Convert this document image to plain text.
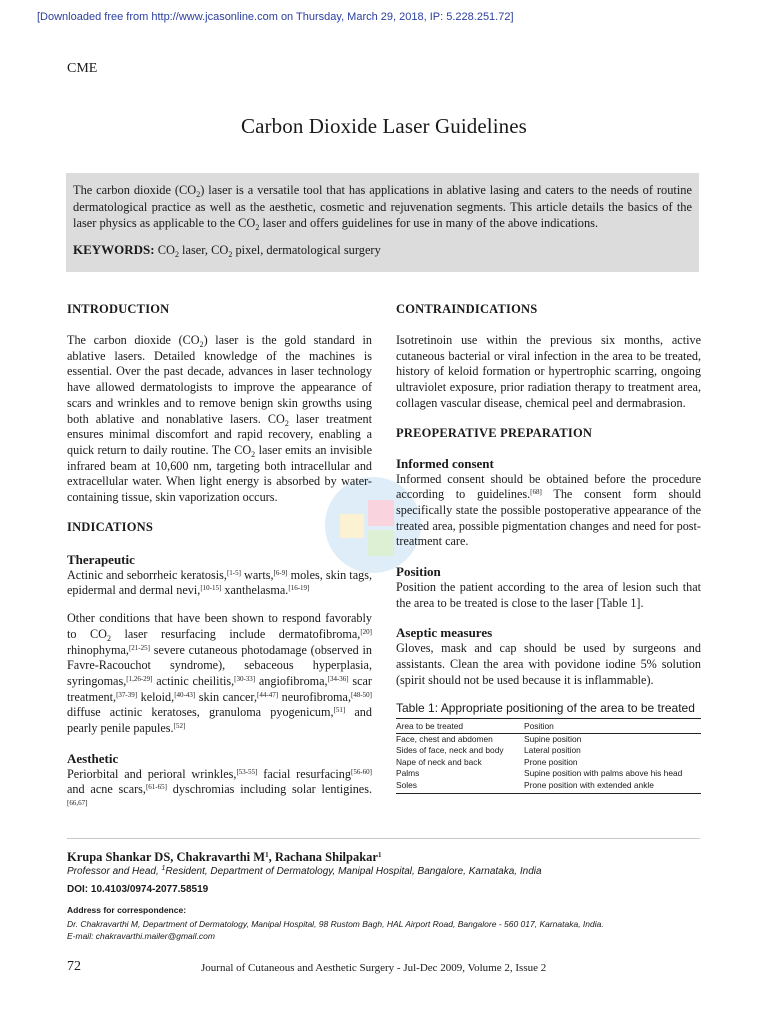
[Downloaded free from http://www.jcasonline.com on Thursday, March 29, 2018, IP: 5.228.251.72]
CME
Carbon Dioxide Laser Guidelines

The carbon dioxide $(CO_2)$ laser is a versatile tool that has applications in ablative lasing and caters to the needs of routine dermatological practice as well as the aesthetic, cosmetic and rejuvenation segments. This article details the basics of the laser physics as applicable to the $CO_2$ laser and offers guidelines for use in many of the above indications.

KEYWORDS: $CO_2$ laser, $CO_2$ pixel, dermatological surgery

INTRODUCTION

The carbon dioxide $(CO_2)$ laser is the gold standard in ablative lasers. Detailed knowledge of the machines is essential. Over the past decade, advances in laser technology have allowed dermatologists to improve the appearance of scars and wrinkles and to remove benign skin growths using both ablative and nonablative lasers. $CO_2$ laser treatment ensures minimal discomfort and rapid recovery, enabling a quick return to daily routine. The $CO_2$ laser emits an invisible infrared beam at 10,600 nm, targeting both intracellular and extracellular water. When light energy is absorbed by water-containing tissue, skin vaporization occurs.

INDICATIONS
Therapeutic

Actinic and seborrheic keratosis,[1-5] warts,[6-9] moles, skin tags, epidermal and dermal nevi,[10-15] xanthelasma.[16-19]

Other conditions that have been shown to respond favorably to $CO_2$ laser resurfacing include dermatofibroma,[20] rhinophyma,[21-25] severe cutaneous photodamage (observed in Favre-Racouchot syndrome), sebaceous hyperplasia, syringomas,[1,26-29] actinic cheilitis,[30-33] angiofibroma,[34-36] scar treatment,[37-39] keloid,[40-43] skin cancer,[44-47] neurofibroma,[48-50] diffuse actinic keratoses, granuloma pyogenicum,[51] and pearly penile papules.[52]

Aesthetic

Periorbital and perioral wrinkles,[53-55] facial resurfacing[56-60] and acne scars,[61-65] dyschromias including solar lentigines.[66,67]

CONTRAINDICATIONS

Isotretinoin use within the previous six months, active cutaneous bacterial or viral infection in the area to be treated, history of keloid formation or hypertrophic scarring, ongoing ultraviolet exposure, prior radiation therapy to treatment area, collagen vascular disease, chemical peel and dermabrasion.

PREOPERATIVE PREPARATION
Informed consent

Informed consent should be obtained before the procedure according to guidelines.[68] The consent form should specifically state the possible postoperative appearance of the treated area, possible pigmentation changes and need for post-treatment care.

Position

Position the patient according to the area of lesion such that the area to be treated is close to the laser [Table 1].

Aseptic measures

Gloves, mask and cap should be used by surgeons and assistants. Clean the area with povidone iodine 5% solution (spirit should not be used because it is inflammable).

Table 1: Appropriate positioning of the area to be treated
Area to be treated	Position
Face, chest and abdomen	Supine position
Sides of face, neck and body	Lateral position
Nape of neck and back	Prone position
Palms	Supine position with palms above his head
Soles	Prone position with extended ankle
Krupa Shankar DS, Chakravarthi $M^1$, Rachana Shilpakar$^1$
Professor and Head, $^1$Resident, Department of Dermatology, Manipal Hospital, Bangalore, Karnataka, India
DOI: 10.4103/0974-2077.58519
Address for correspondence:
Dr. Chakravarthi M, Department of Dermatology, Manipal Hospital, 98 Rustom Bagh, HAL Airport Road, Bangalore - 560 017, Karnataka, India.
E-mail: chakravarthi.mailer@gmail.com
72	Journal of Cutaneous and Aesthetic Surgery - Jul-Dec 2009, Volume 2, Issue 2
